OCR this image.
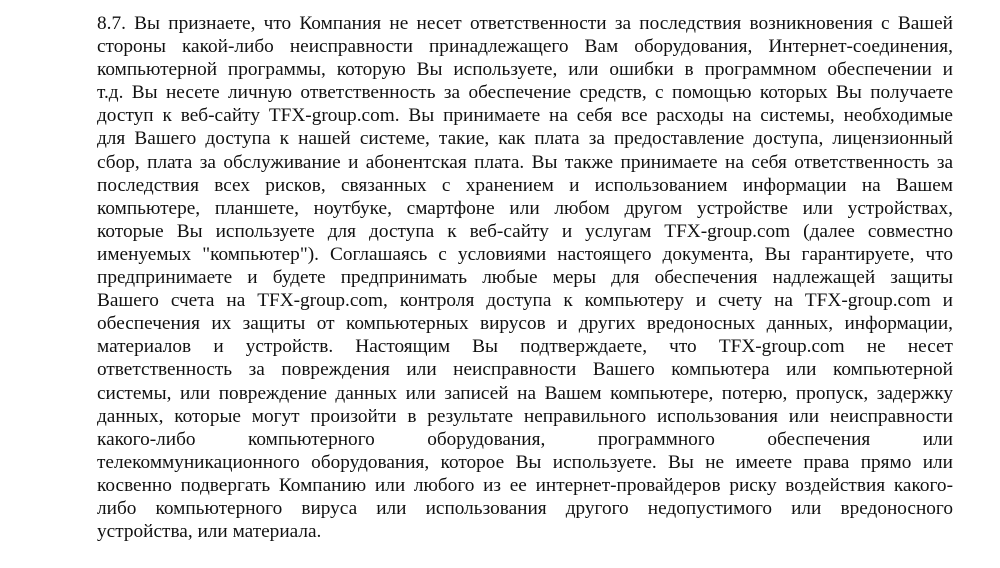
8.7. Вы признаете, что Компания не несет ответственности за последствия возникновения с Вашей
стороны какой-либо неисправности принадлежащего Вам оборудования, Интернет-соединения,
компьютерной программы, которую Вы используете, или ошибки в программном обеспечении и
т.д. Вы несете личную ответственность за обеспечение средств, с помощью которых Вы получаете
доступ к веб-сайту TFX-group.com. Вы принимаете на себя все расходы на системы, необходимые
для Вашего доступа к нашей системе, такие, как плата за предоставление доступа, лицензионный
сбор, плата за обслуживание и абонентская плата. Вы также принимаете на себя ответственность за
последствия всех рисков, связанных с хранением и использованием информации на Вашем
компьютере, планшете, ноутбуке, смартфоне или любом другом устройстве или устройствах,
которые Вы используете для доступа к веб-сайту и услугам TFX-group.com (далее совместно
именуемых "компьютер"). Соглашаясь с условиями настоящего документа, Вы гарантируете, что
предпринимаете и будете предпринимать любые меры для обеспечения надлежащей защиты
Вашего счета на TFX-group.com, контроля доступа к компьютеру и счету на TFX-group.com и
обеспечения их защиты от компьютерных вирусов и других вредоносных данных, информации,
материалов и устройств. Настоящим Вы подтверждаете, что TFX-group.com не несет
ответственность за повреждения или неисправности Вашего компьютера или компьютерной
системы, или повреждение данных или записей на Вашем компьютере, потерю, пропуск, задержку
данных, которые могут произойти в результате неправильного использования или неисправности
какого-либо компьютерного оборудования, программного обеспечения или
телекоммуникационного оборудования, которое Вы используете. Вы не имеете права прямо или
косвенно подвергать Компанию или любого из ее интернет-провайдеров риску воздействия какого-
либо компьютерного вируса или использования другого недопустимого или вредоносного
устройства, или материала.
